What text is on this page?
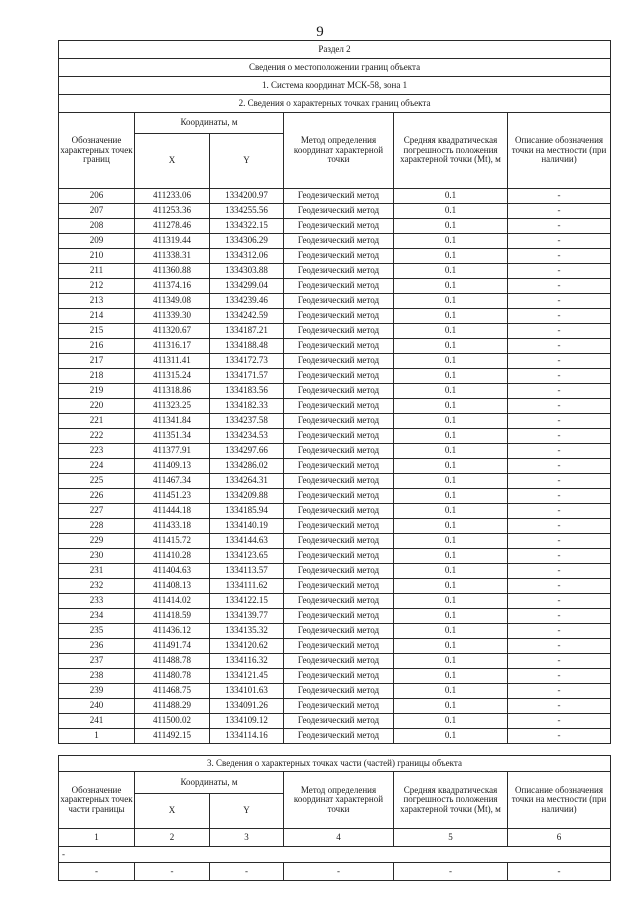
9
Раздел 2					
Сведения о местоположении границ объекта					
1. Система координат МСК-58, зона 1					
2. Сведения о характерных точках границ объекта					
Обозначение характерных точек границ	Координаты, м		Метод определения координат характерной точки	Средняя квадратическая погрешность положения характерной точки (Mt), м	Описание обозначения точки на местности (при наличии)
	X	Y			
206	411233.06	1334200.97	Геодезический метод	0.1	-
207	411253.36	1334255.56	Геодезический метод	0.1	-
208	411278.46	1334322.15	Геодезический метод	0.1	-
209	411319.44	1334306.29	Геодезический метод	0.1	-
210	411338.31	1334312.06	Геодезический метод	0.1	-
211	411360.88	1334303.88	Геодезический метод	0.1	-
212	411374.16	1334299.04	Геодезический метод	0.1	-
213	411349.08	1334239.46	Геодезический метод	0.1	-
214	411339.30	1334242.59	Геодезический метод	0.1	-
215	411320.67	1334187.21	Геодезический метод	0.1	-
216	411316.17	1334188.48	Геодезический метод	0.1	-
217	411311.41	1334172.73	Геодезический метод	0.1	-
218	411315.24	1334171.57	Геодезический метод	0.1	-
219	411318.86	1334183.56	Геодезический метод	0.1	-
220	411323.25	1334182.33	Геодезический метод	0.1	-
221	411341.84	1334237.58	Геодезический метод	0.1	-
222	411351.34	1334234.53	Геодезический метод	0.1	-
223	411377.91	1334297.66	Геодезический метод	0.1	-
224	411409.13	1334286.02	Геодезический метод	0.1	-
225	411467.34	1334264.31	Геодезический метод	0.1	-
226	411451.23	1334209.88	Геодезический метод	0.1	-
227	411444.18	1334185.94	Геодезический метод	0.1	-
228	411433.18	1334140.19	Геодезический метод	0.1	-
229	411415.72	1334144.63	Геодезический метод	0.1	-
230	411410.28	1334123.65	Геодезический метод	0.1	-
231	411404.63	1334113.57	Геодезический метод	0.1	-
232	411408.13	1334111.62	Геодезический метод	0.1	-
233	411414.02	1334122.15	Геодезический метод	0.1	-
234	411418.59	1334139.77	Геодезический метод	0.1	-
235	411436.12	1334135.32	Геодезический метод	0.1	-
236	411491.74	1334120.62	Геодезический метод	0.1	-
237	411488.78	1334116.32	Геодезический метод	0.1	-
238	411480.78	1334121.45	Геодезический метод	0.1	-
239	411468.75	1334101.63	Геодезический метод	0.1	-
240	411488.29	1334091.26	Геодезический метод	0.1	-
241	411500.02	1334109.12	Геодезический метод	0.1	-
1	411492.15	1334114.16	Геодезический метод	0.1	-
3. Сведения о характерных точках части (частей) границы объекта					
Обозначение характерных точек части границы	Координаты, м		Метод определения координат характерной точки	Средняя квадратическая погрешность положения характерной точки (Mt), м	Описание обозначения точки на местности (при наличии)
	X	Y			
1	2	3	4	5	6
-					
-	-	-	-	-	-
